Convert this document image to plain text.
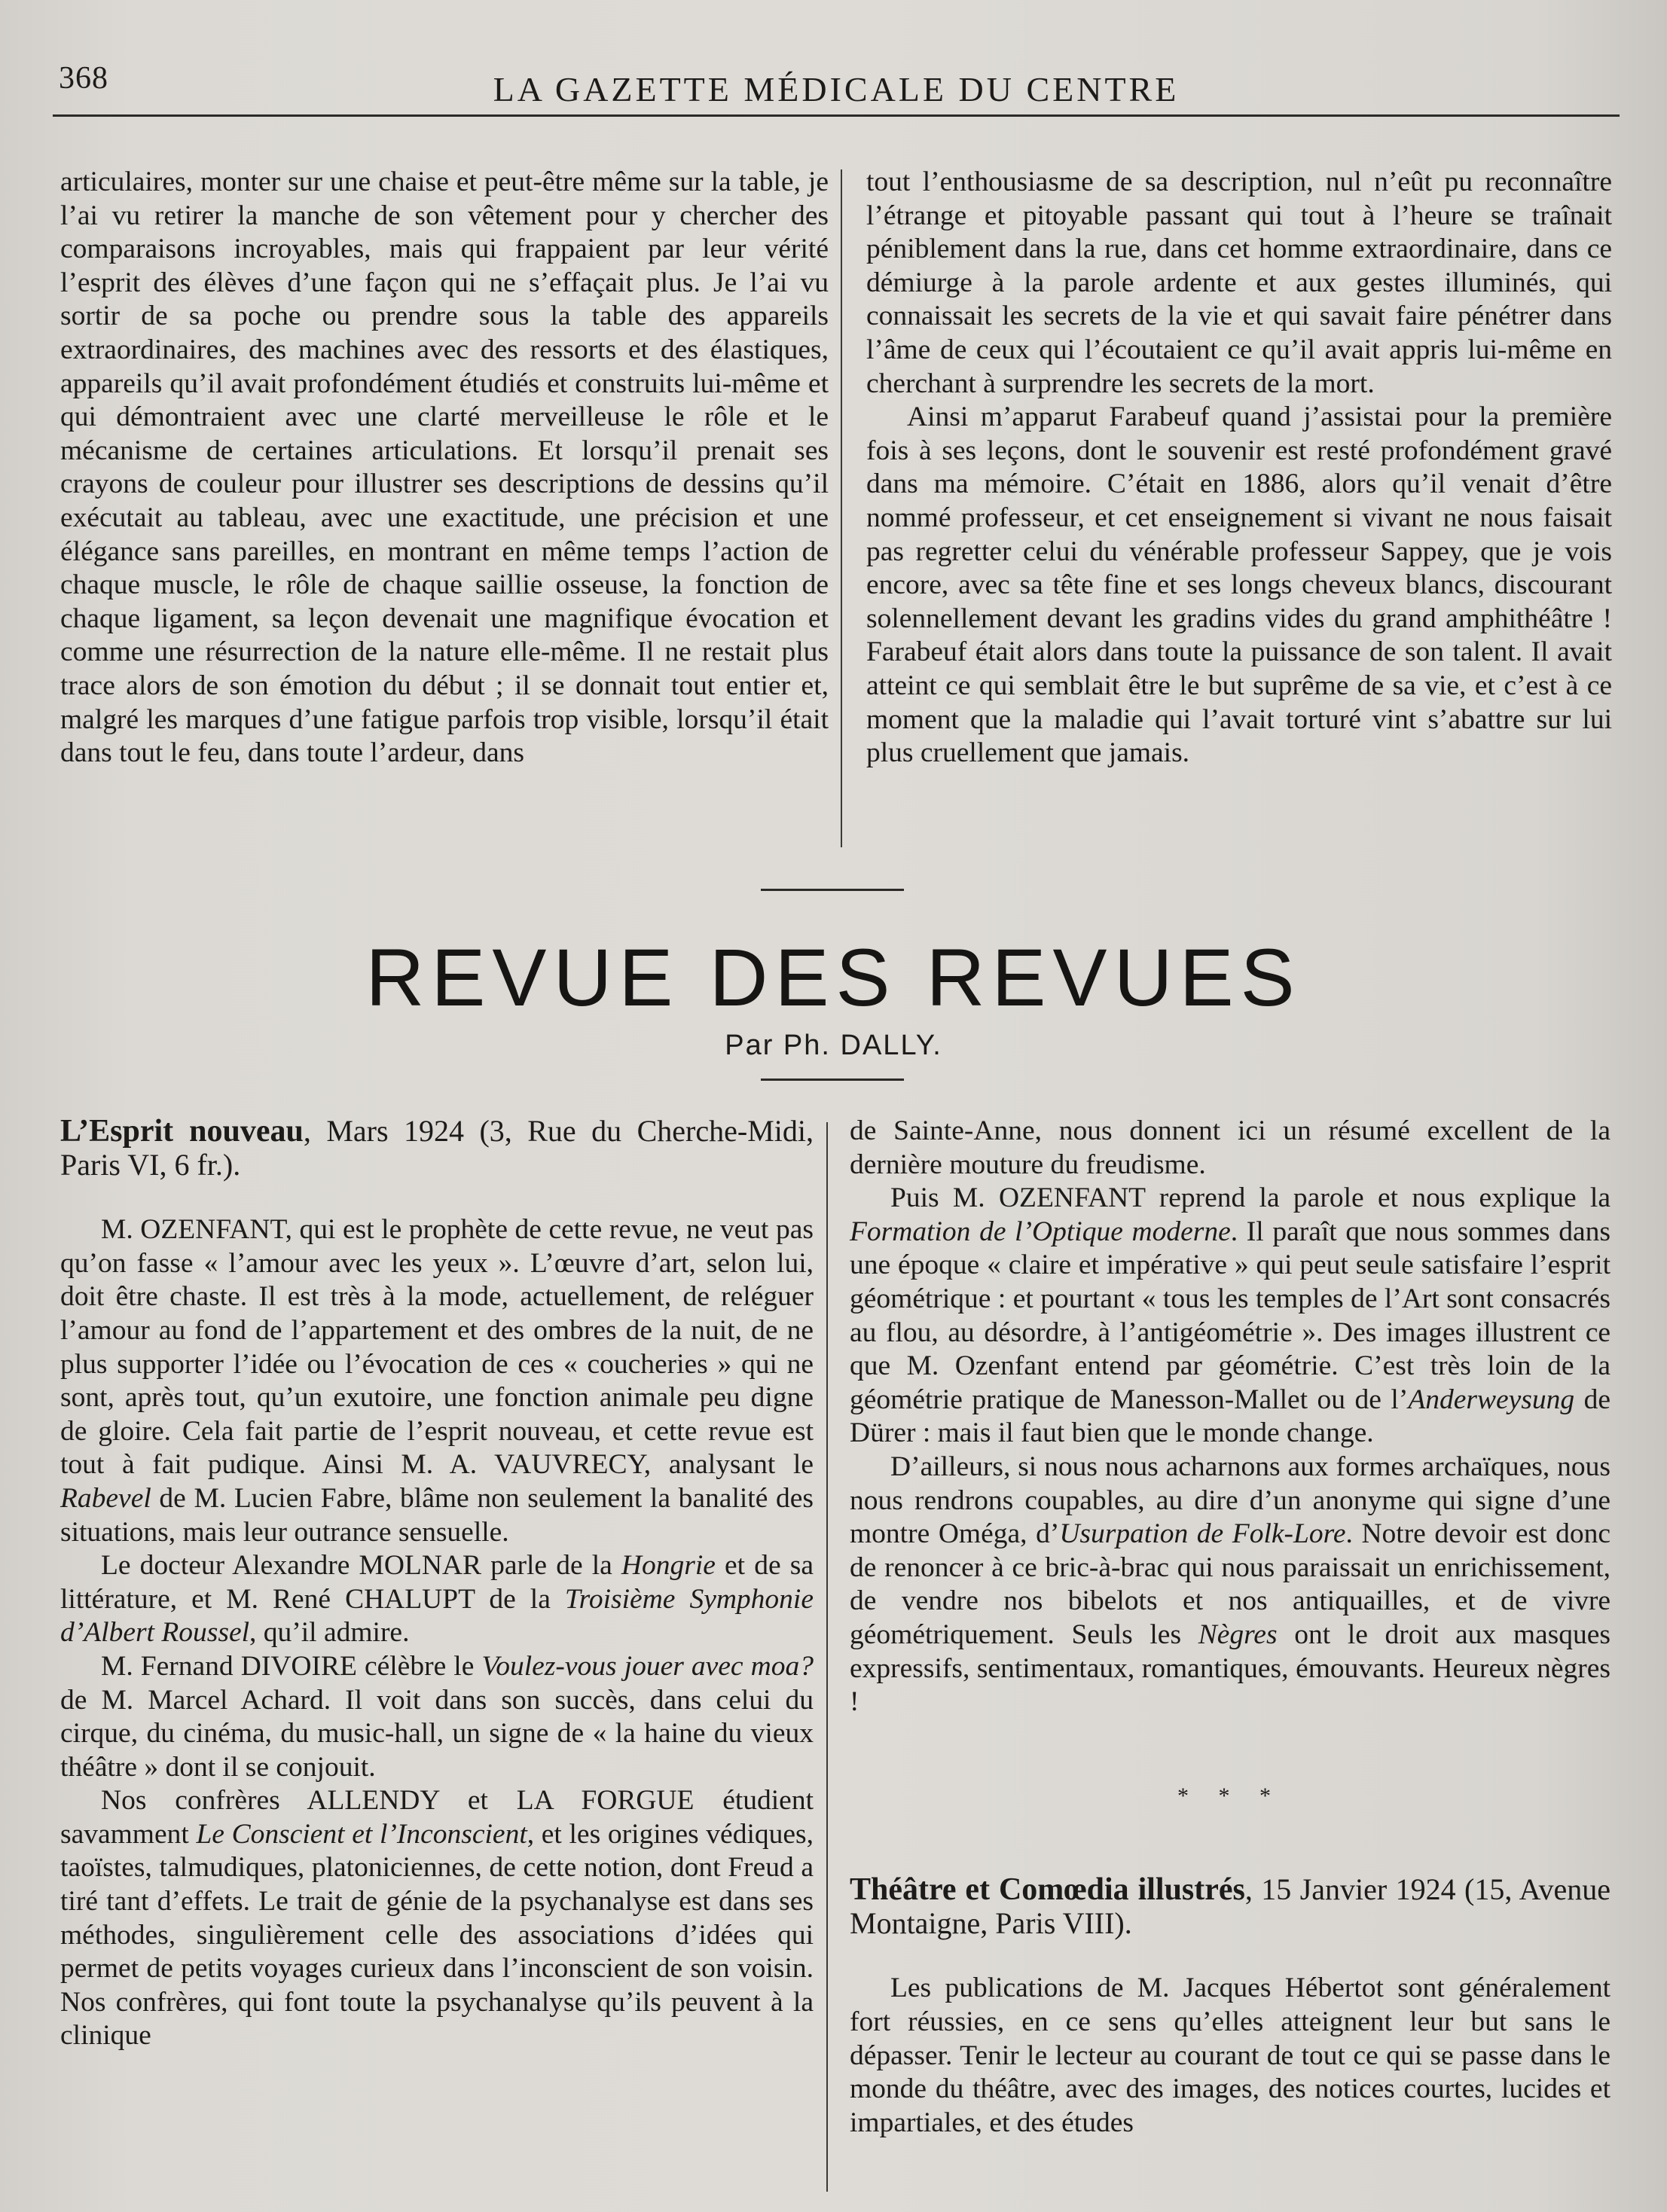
368	LA GAZETTE MÉDICALE DU CENTRE

articulaires, monter sur une chaise et peut-être même sur la table, je l’ai vu retirer la manche de son vêtement pour y chercher des comparaisons incroyables, mais qui frappaient par leur vérité l’esprit des élèves d’une façon qui ne s’effaçait plus. Je l’ai vu sortir de sa poche ou prendre sous la table des appareils extraordinaires, des machines avec des ressorts et des élastiques, appareils qu’il avait profondément étudiés et construits lui-même et qui démontraient avec une clarté merveilleuse le rôle et le mécanisme de certaines articulations. Et lorsqu’il prenait ses crayons de couleur pour illustrer ses descriptions de dessins qu’il exécutait au tableau, avec une exactitude, une précision et une élégance sans pareilles, en montrant en même temps l’action de chaque muscle, le rôle de chaque saillie osseuse, la fonction de chaque ligament, sa leçon devenait une magnifique évocation et comme une résurrection de la nature elle-même. Il ne restait plus trace alors de son émotion du début ; il se donnait tout entier et, malgré les marques d’une fatigue parfois trop visible, lorsqu’il était dans tout le feu, dans toute l’ardeur, dans

tout l’enthousiasme de sa description, nul n’eût pu reconnaître l’étrange et pitoyable passant qui tout à l’heure se traînait péniblement dans la rue, dans cet homme extraordinaire, dans ce démiurge à la parole ardente et aux gestes illuminés, qui connaissait les secrets de la vie et qui savait faire pénétrer dans l’âme de ceux qui l’écoutaient ce qu’il avait appris lui-même en cherchant à surprendre les secrets de la mort.

Ainsi m’apparut Farabeuf quand j’assistai pour la première fois à ses leçons, dont le souvenir est resté profondément gravé dans ma mémoire. C’était en 1886, alors qu’il venait d’être nommé professeur, et cet enseignement si vivant ne nous faisait pas regretter celui du vénérable professeur Sappey, que je vois encore, avec sa tête fine et ses longs cheveux blancs, discourant solennellement devant les gradins vides du grand amphithéâtre ! Farabeuf était alors dans toute la puissance de son talent. Il avait atteint ce qui semblait être le but suprême de sa vie, et c’est à ce moment que la maladie qui l’avait torturé vint s’abattre sur lui plus cruellement que jamais.

REVUE DES REVUES
Par Ph. DALLY.

L’Esprit nouveau, Mars 1924 (3, Rue du Cherche-Midi, Paris VI, 6 fr.).

M. OZENFANT, qui est le prophète de cette revue, ne veut pas qu’on fasse « l’amour avec les yeux ». L’œuvre d’art, selon lui, doit être chaste. Il est très à la mode, actuellement, de reléguer l’amour au fond de l’appartement et des ombres de la nuit, de ne plus supporter l’idée ou l’évocation de ces « coucheries » qui ne sont, après tout, qu’un exutoire, une fonction animale peu digne de gloire. Cela fait partie de l’esprit nouveau, et cette revue est tout à fait pudique. Ainsi M. A. VAUVRECY, analysant le Rabevel de M. Lucien Fabre, blâme non seulement la banalité des situations, mais leur outrance sensuelle.

Le docteur Alexandre MOLNAR parle de la Hongrie et de sa littérature, et M. René CHALUPT de la Troisième Symphonie d’Albert Roussel, qu’il admire.

M. Fernand DIVOIRE célèbre le Voulez-vous jouer avec moa? de M. Marcel Achard. Il voit dans son succès, dans celui du cirque, du cinéma, du music-hall, un signe de « la haine du vieux théâtre » dont il se conjouit.

Nos confrères ALLENDY et LA FORGUE étudient savamment Le Conscient et l’Inconscient, et les origines védiques, taoïstes, talmudiques, platoniciennes, de cette notion, dont Freud a tiré tant d’effets. Le trait de génie de la psychanalyse est dans ses méthodes, singulièrement celle des associations d’idées qui permet de petits voyages curieux dans l’inconscient de son voisin. Nos confrères, qui font toute la psychanalyse qu’ils peuvent à la clinique

de Sainte-Anne, nous donnent ici un résumé excellent de la dernière mouture du freudisme.

Puis M. OZENFANT reprend la parole et nous explique la Formation de l’Optique moderne. Il paraît que nous sommes dans une époque « claire et impérative » qui peut seule satisfaire l’esprit géométrique : et pourtant « tous les temples de l’Art sont consacrés au flou, au désordre, à l’antigéométrie ». Des images illustrent ce que M. Ozenfant entend par géométrie. C’est très loin de la géométrie pratique de Manesson-Mallet ou de l’Anderweysung de Dürer : mais il faut bien que le monde change.

D’ailleurs, si nous nous acharnons aux formes archaïques, nous nous rendrons coupables, au dire d’un anonyme qui signe d’une montre Oméga, d’Usurpation de Folk-Lore. Notre devoir est donc de renoncer à ce bric-à-brac qui nous paraissait un enrichissement, de vendre nos bibelots et nos antiquailles, et de vivre géométriquement. Seuls les Nègres ont le droit aux masques expressifs, sentimentaux, romantiques, émouvants. Heureux nègres !

* * *

Théâtre et Comœdia illustrés, 15 Janvier 1924 (15, Avenue Montaigne, Paris VIII).

Les publications de M. Jacques Hébertot sont généralement fort réussies, en ce sens qu’elles atteignent leur but sans le dépasser. Tenir le lecteur au courant de tout ce qui se passe dans le monde du théâtre, avec des images, des notices courtes, lucides et impartiales, et des études
